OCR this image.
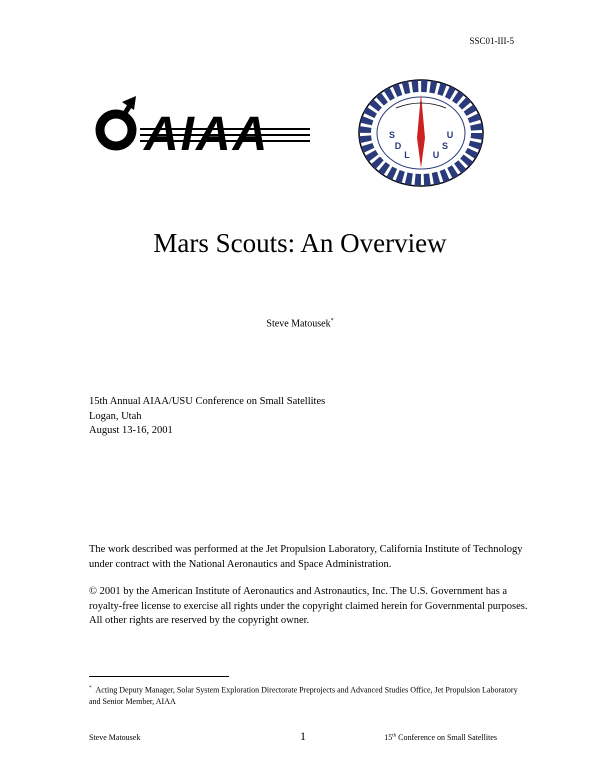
SSC01-III-5
AIAA	S
D
L	U
S
U
Mars Scouts: An Overview
Steve Matousek*
15th Annual AIAA/USU Conference on Small Satellites
Logan, Utah
August 13-16, 2001
The work described was performed at the Jet Propulsion Laboratory, California Institute of Technology under contract with the National Aeronautics and Space Administration.
© 2001 by the American Institute of Aeronautics and Astronautics, Inc. The U.S. Government has a royalty-free license to exercise all rights under the copyright claimed herein for Governmental purposes. All other rights are reserved by the copyright owner.
* Acting Deputy Manager, Solar System Exploration Directorate Preprojects and Advanced Studies Office, Jet Propulsion Laboratory and Senior Member, AIAA
Steve Matousek	1	15th Conference on Small Satellites
